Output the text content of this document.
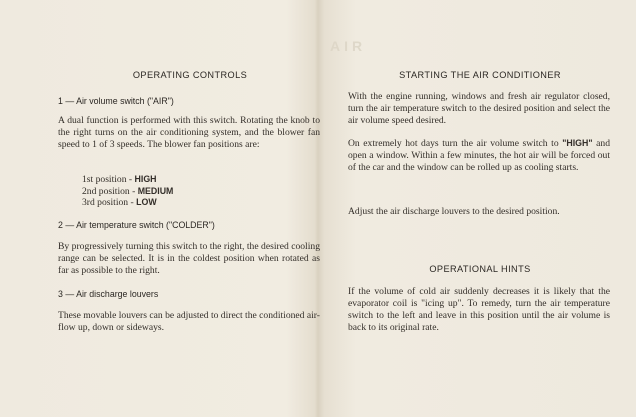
AIR
OPERATING CONTROLS
1 — Air volume switch ("AIR")
A dual function is performed with this switch. Rotating the knob to the right turns on the air conditioning system, and the blower fan speed to 1 of 3 speeds. The blower fan positions are:
1st position - HIGH
2nd position - MEDIUM
3rd position - LOW
2 — Air temperature switch ("COLDER")
By progressively turning this switch to the right, the desired cooling range can be selected. It is in the coldest position when rotated as far as possible to the right.
3 — Air discharge louvers
These movable louvers can be adjusted to direct the conditioned air-flow up, down or sideways.
STARTING THE AIR CONDITIONER
With the engine running, windows and fresh air regulator closed, turn the air temperature switch to the desired position and select the air volume speed desired.
On extremely hot days turn the air volume switch to "HIGH" and open a window. Within a few minutes, the hot air will be forced out of the car and the window can be rolled up as cooling starts.
Adjust the air discharge louvers to the desired position.
OPERATIONAL HINTS
If the volume of cold air suddenly decreases it is likely that the evaporator coil is "icing up". To remedy, turn the air temperature switch to the left and leave in this position until the air volume is back to its original rate.
